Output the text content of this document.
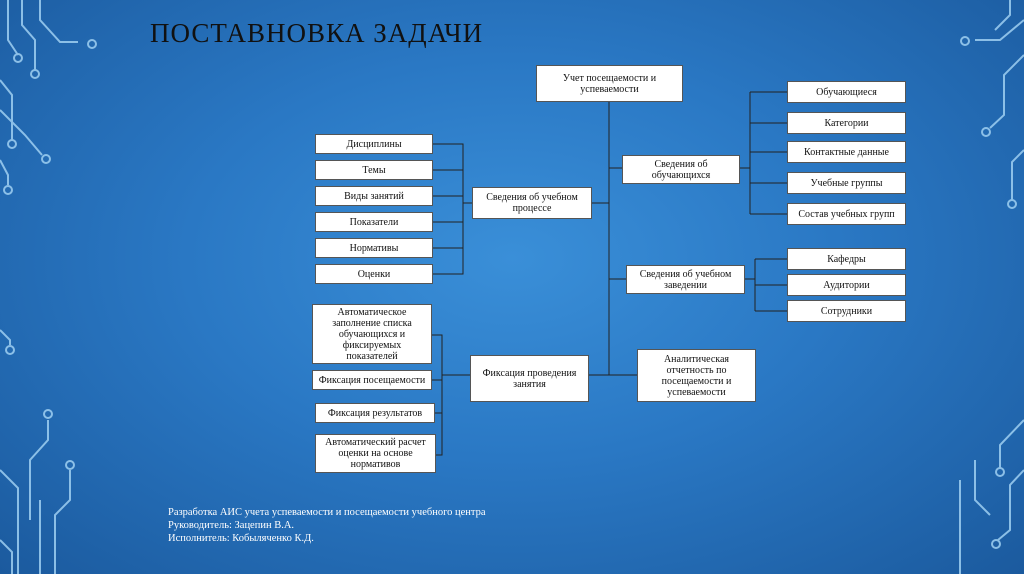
ПОСТАВНОВКА ЗАДАЧИ
Учет посещаемости и успеваемости
Сведения об учебном процессе
Дисциплины
Темы
Виды занятий
Показатели
Нормативы
Оценки
Фиксация проведения занятия
Автоматическое заполнение списка обучающихся и фиксируемых показателей
Фиксация посещаемости
Фиксация результатов
Автоматический расчет оценки на основе нормативов
Сведения об обучающихся
Обучающиеся
Категории
Контактные данные
Учебные группы
Состав учебных групп
Сведения об учебном заведении
Кафедры
Аудитории
Сотрудники
Аналитическая отчетность по посещаемости и успеваемости
Разработка АИС учета успеваемости и посещаемости учебного центра
Руководитель: Зацепин В.А.
Исполнитель: Кобыляченко К.Д.
